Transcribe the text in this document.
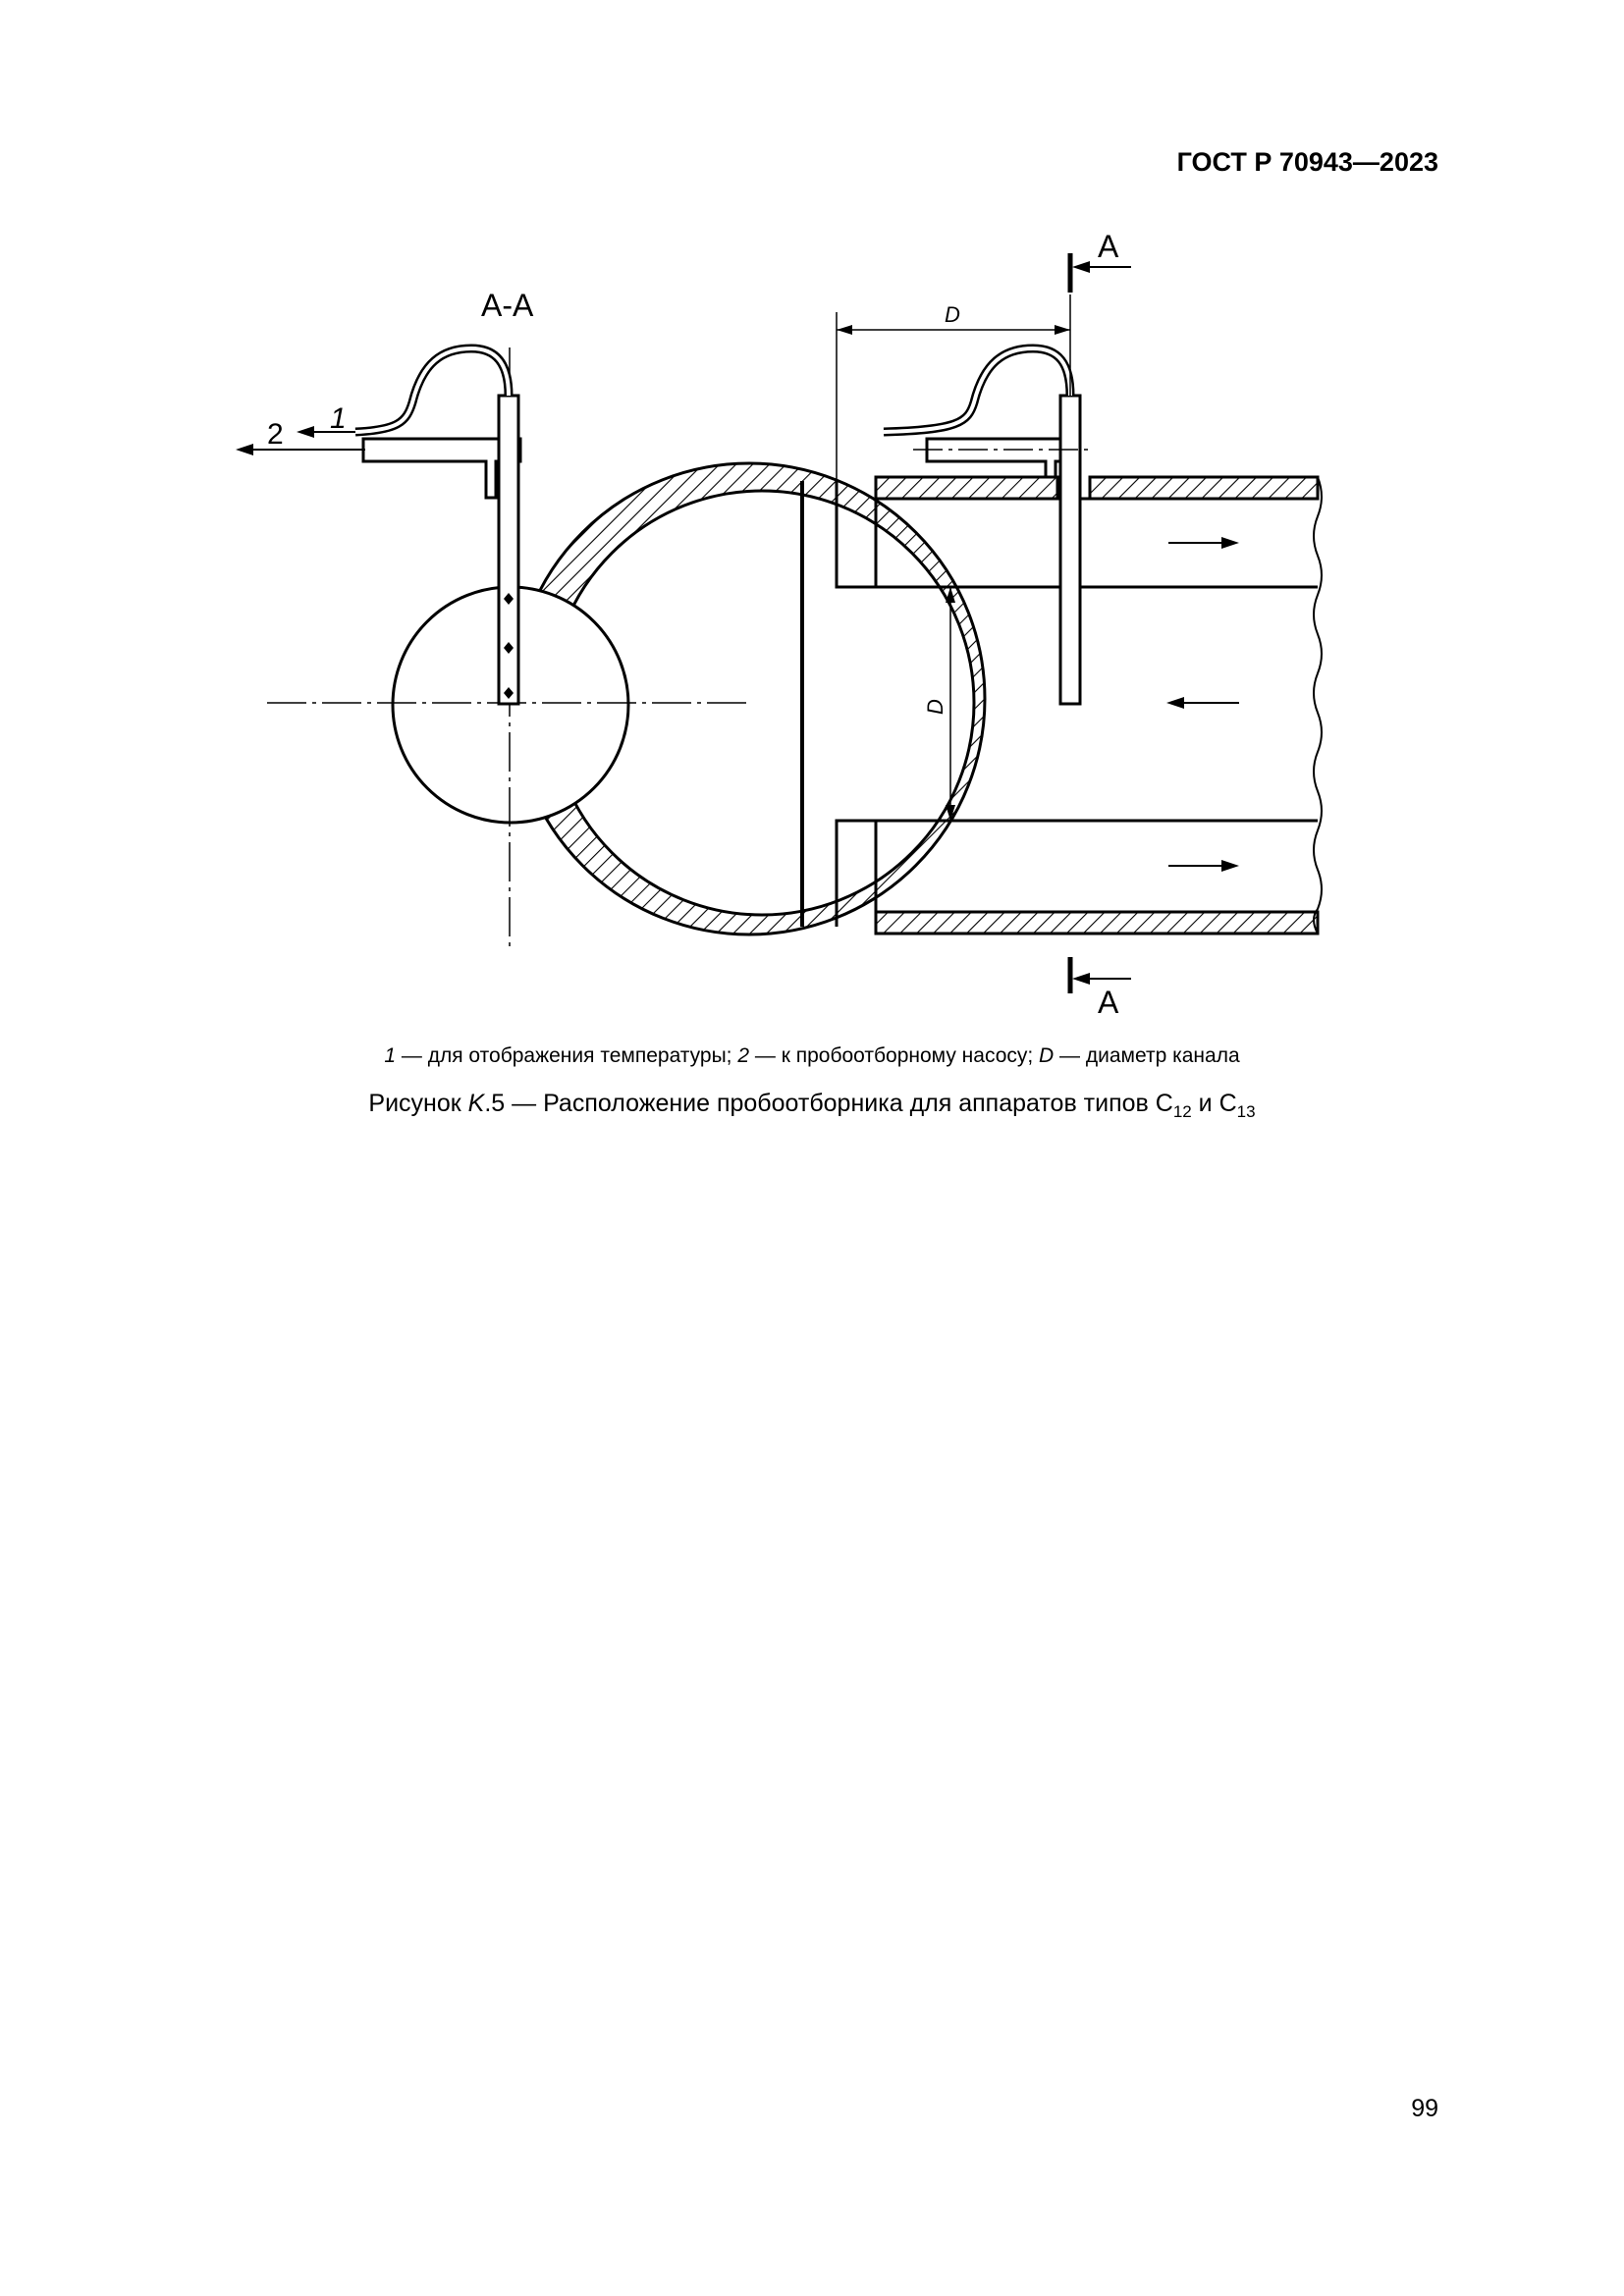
ГОСТ Р 70943—2023
1
2
А-А	D
D
А
А
1 — для отображения температуры; 2 — к пробоотборному насосу; D — диаметр канала
Рисунок K.5 — Расположение пробоотборника для аппаратов типов $С_{12}$ и $С_{13}$
99
